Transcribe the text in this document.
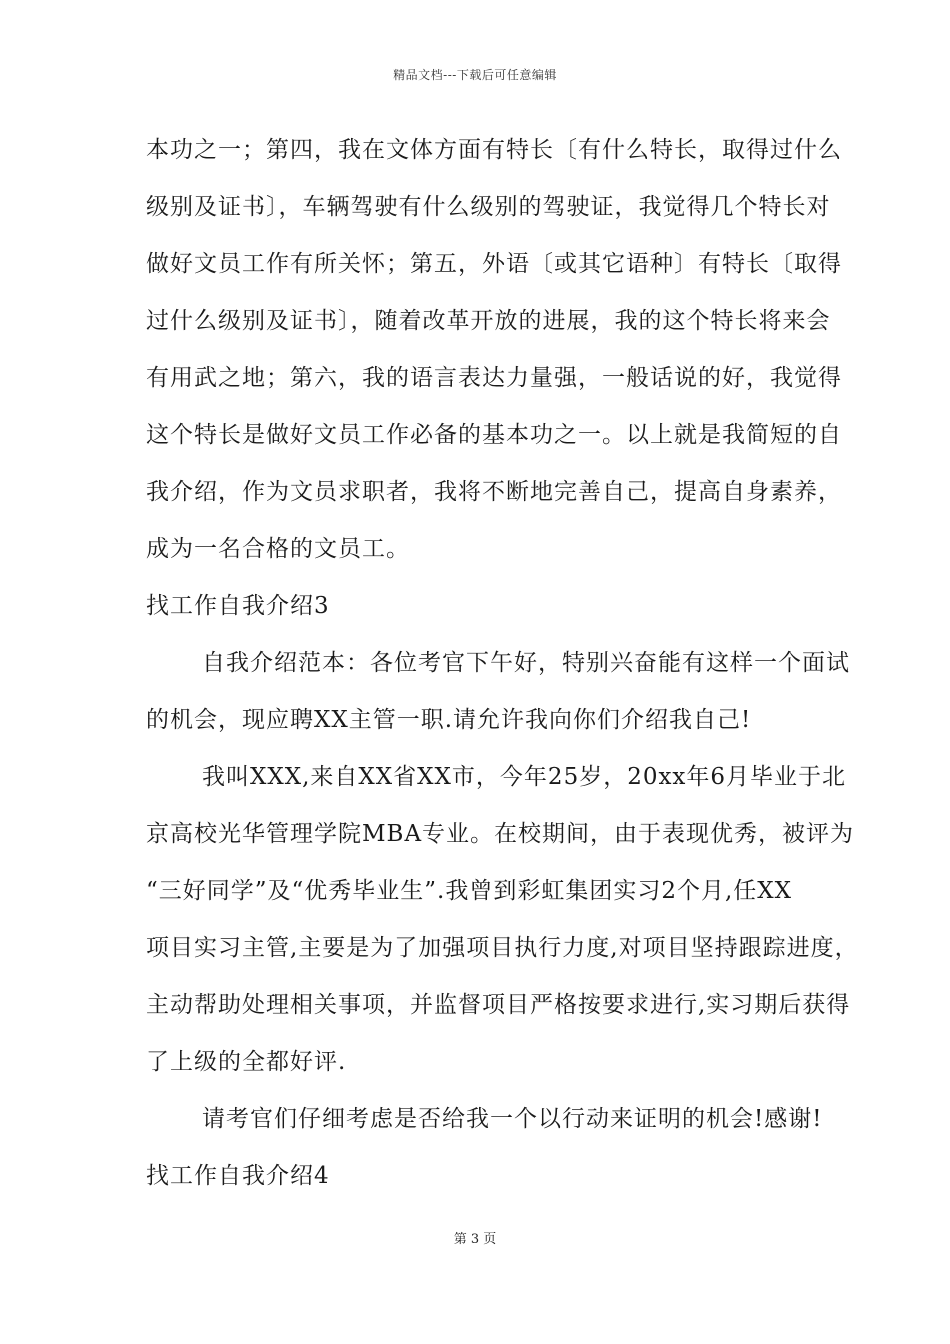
精品文档---下载后可任意编辑
本功之一；第四，我在文体方面有特长〔有什么特长，取得过什么
级别及证书〕，车辆驾驶有什么级别的驾驶证，我觉得几个特长对
做好文员工作有所关怀；第五，外语〔或其它语种〕有特长〔取得
过什么级别及证书〕，随着改革开放的进展，我的这个特长将来会
有用武之地；第六，我的语言表达力量强，一般话说的好，我觉得
这个特长是做好文员工作必备的基本功之一。以上就是我简短的自
我介绍，作为文员求职者，我将不断地完善自己，提高自身素养，
成为一名合格的文员工。
找工作自我介绍3
自我介绍范本：各位考官下午好，特别兴奋能有这样一个面试
的机会，现应聘XX主管一职.请允许我向你们介绍我自己!
我叫XXX,来自XX省XX市，今年25岁，20xx年6月毕业于北
京高校光华管理学院MBA专业。在校期间，由于表现优秀，被评为
“三好同学”及“优秀毕业生”.我曾到彩虹集团实习2个月,任XX
项目实习主管,主要是为了加强项目执行力度,对项目坚持跟踪进度，
主动帮助处理相关事项，并监督项目严格按要求进行,实习期后获得
了上级的全都好评.
请考官们仔细考虑是否给我一个以行动来证明的机会!感谢!
找工作自我介绍4
第 3 页
